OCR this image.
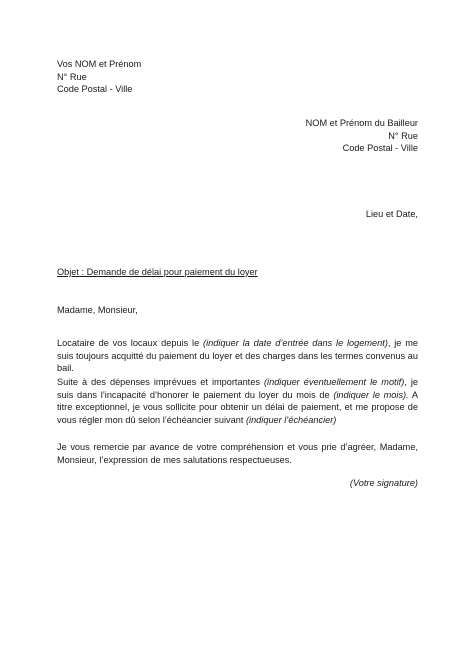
Vos NOM et Prénom
N° Rue
Code Postal - Ville
NOM et Prénom du Bailleur
N° Rue
Code Postal - Ville
Lieu et Date,
Objet : Demande de délai pour paiement du loyer
Madame, Monsieur,
Locataire de vos locaux depuis le (indiquer la date d’entrée dans le logement), je me suis toujours acquitté du paiement du loyer et des charges dans les termes convenus au bail.
Suite à des dépenses imprévues et importantes (indiquer éventuellement le motif), je suis dans l’incapacité d’honorer le paiement du loyer du mois de (indiquer le mois). A titre exceptionnel, je vous sollicite pour obtenir un délai de paiement, et me propose de vous régler mon dû selon l’échéancier suivant (indiquer l’échéancier)
Je vous remercie par avance de votre compréhension et vous prie d’agréer, Madame, Monsieur, l’expression de mes salutations respectueuses.
(Votre signature)
